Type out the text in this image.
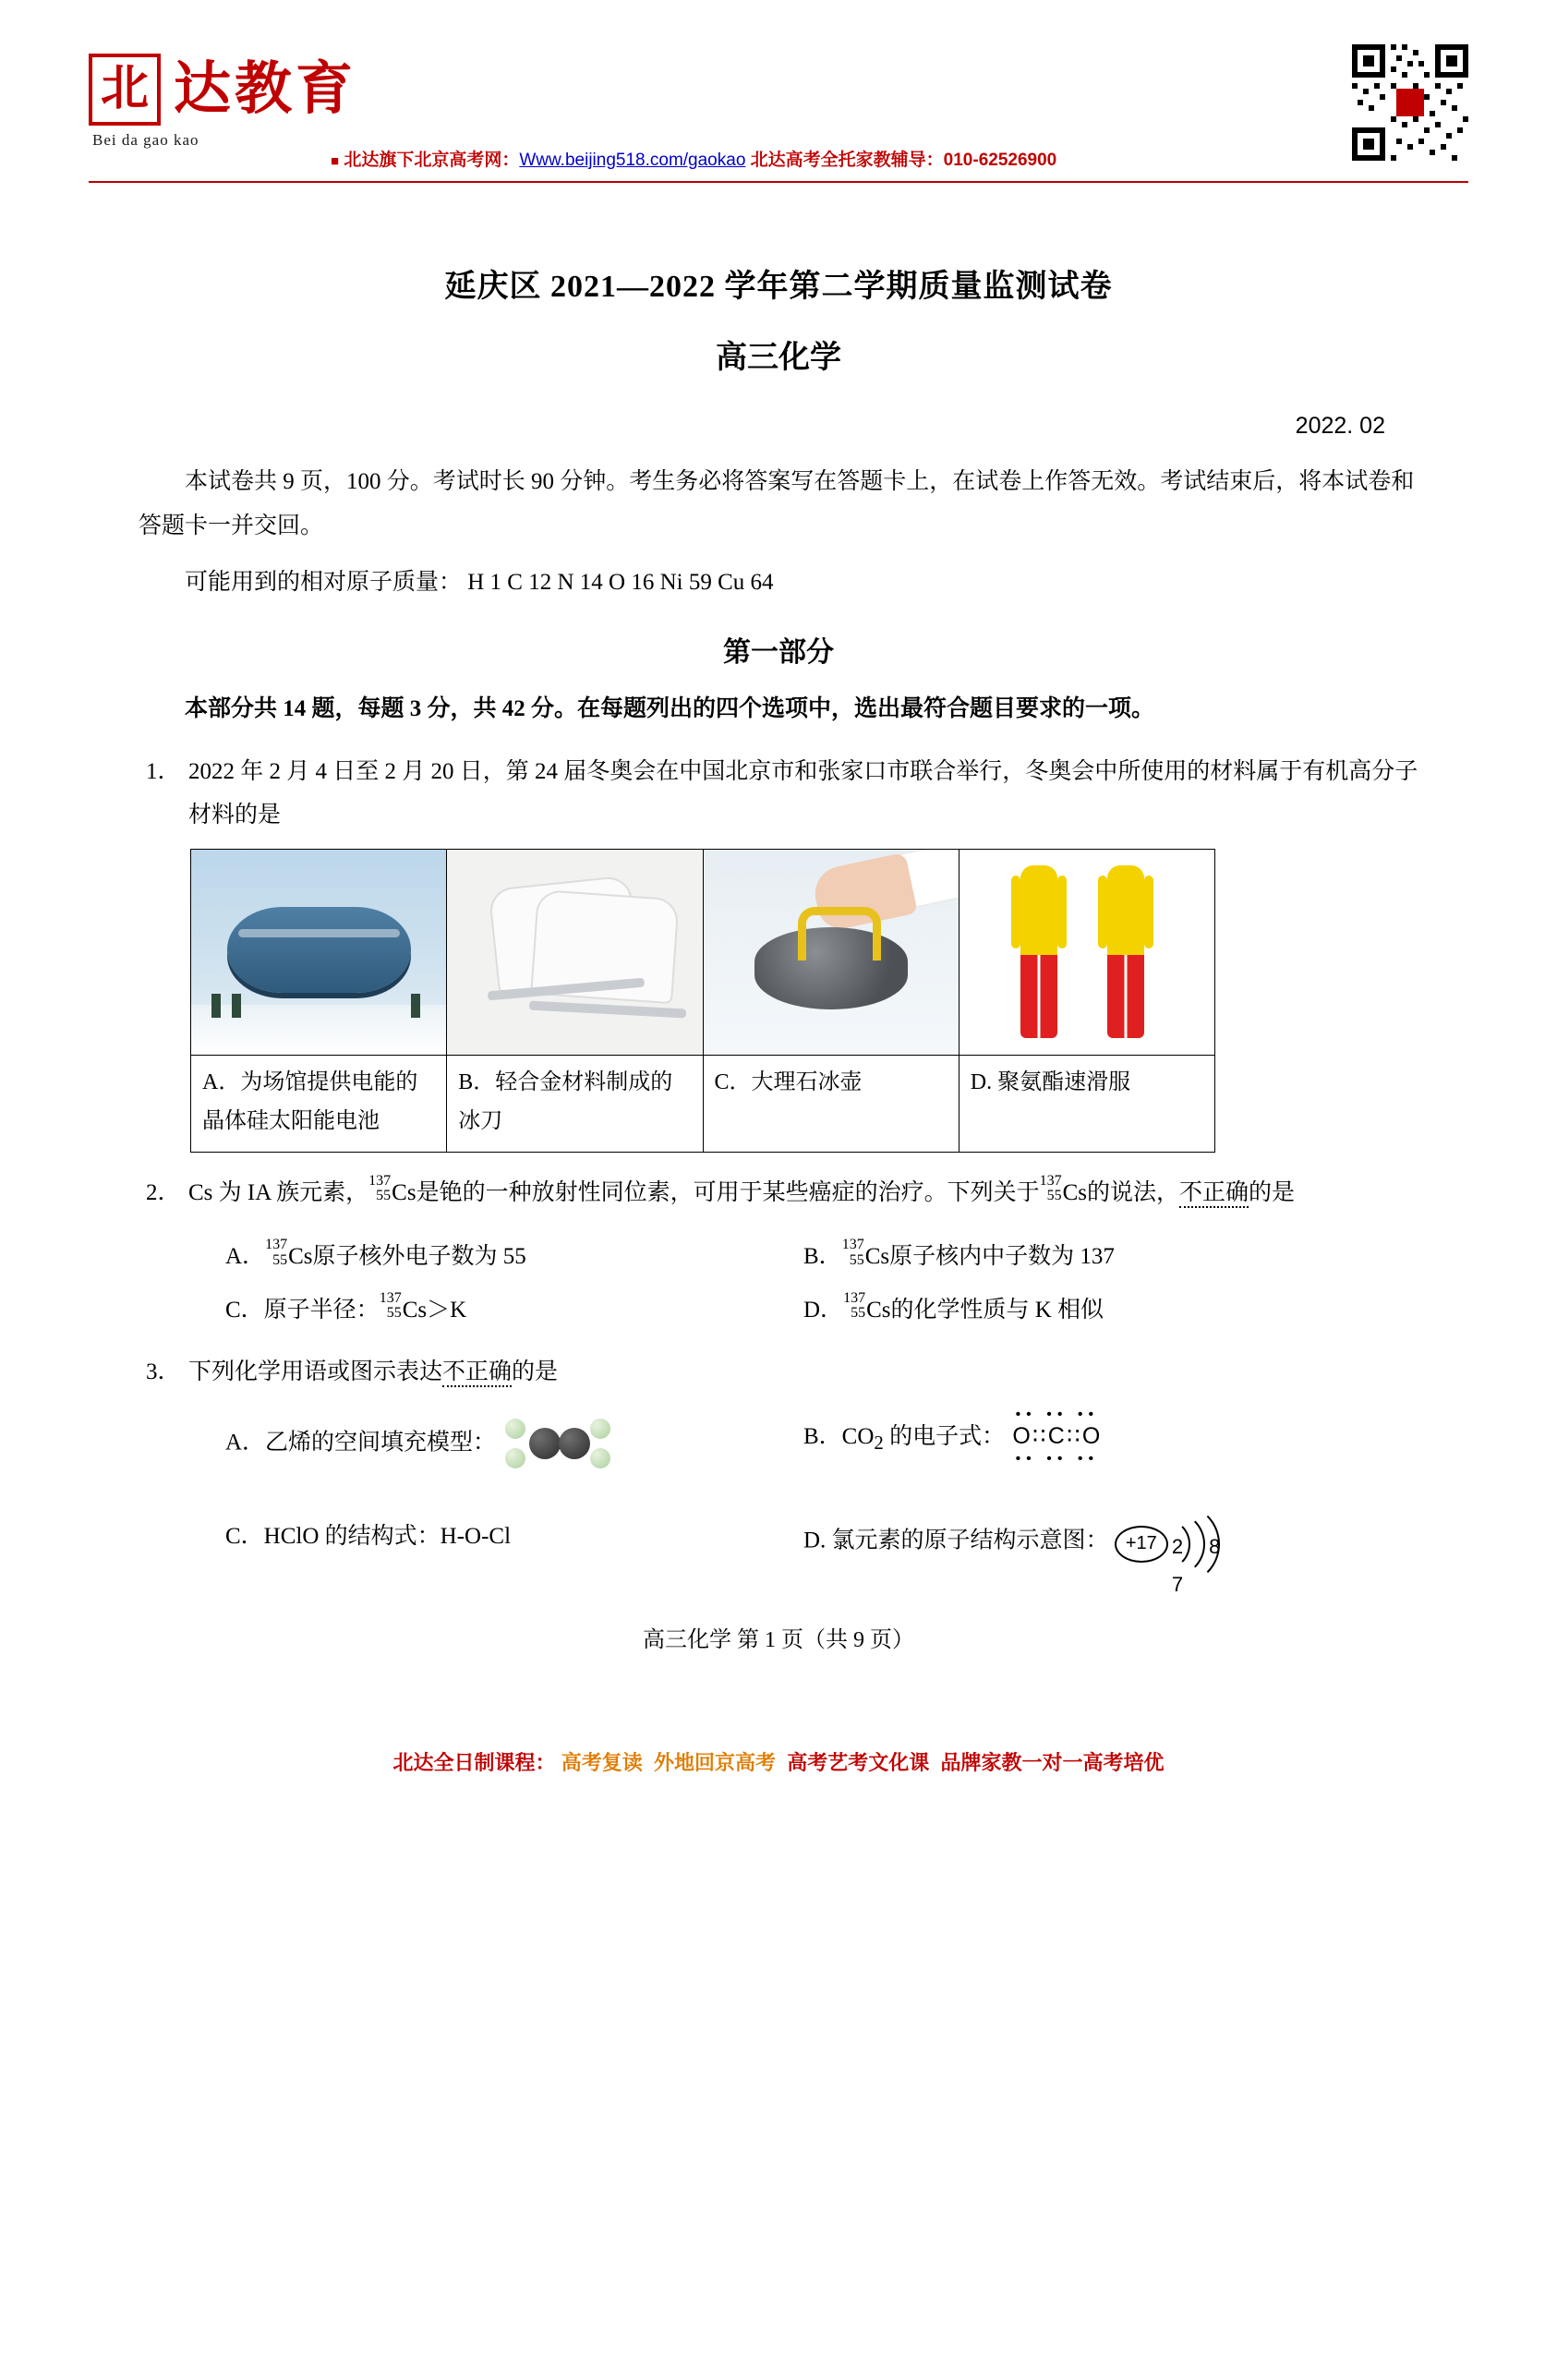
北 达教育
Bei da gao kao
■ 北达旗下北京高考网：Www.beijing518.com/gaokao 北达高考全托家教辅导：010-62526900
延庆区 2021—2022 学年第二学期质量监测试卷
高三化学
2022. 02

本试卷共 9 页，100 分。考试时长 90 分钟。考生务必将答案写在答题卡上，在试卷上作答无效。考试结束后，将本试卷和答题卡一并交回。

可能用到的相对原子质量： H 1 C 12 N 14 O 16 Ni 59 Cu 64

第一部分

本部分共 14 题，每题 3 分，共 42 分。在每题列出的四个选项中，选出最符合题目要求的一项。

1． 2022 年 2 月 4 日至 2 月 20 日，第 24 届冬奥会在中国北京市和张家口市联合举行，冬奥会中所使用的材料属于有机高分子材料的是

A．为场馆提供电能的晶体硅太阳能电池	B．轻合金材料制成的冰刀	C．大理石冰壶	D. 聚氨酯速滑服
2． Cs 为 IA 族元素，137
55Cs是铯的一种放射性同位素，可用于某些癌症的治疗。下列关于137
55Cs的说法，不正确的是
A．137
55Cs原子核外电子数为 55
C．原子半径：137
55Cs＞K
B．137
55Cs原子核内中子数为 137
D．137
55Cs的化学性质与 K 相似
3． 下列化学用语或图示表达不正确的是
A．乙烯的空间填充模型：	B．$CO_2$ 的电子式：
•• •• ••
O∶∶C∶∶O
•• •• ••
C．HClO 的结构式：H-O-Cl	D. 氯元素的原子结构示意图： +17 2 8 7
高三化学 第 1 页（共 9 页）
北达全日制课程： 高考复读 外地回京高考 高考艺考文化课 品牌家教一对一高考培优
